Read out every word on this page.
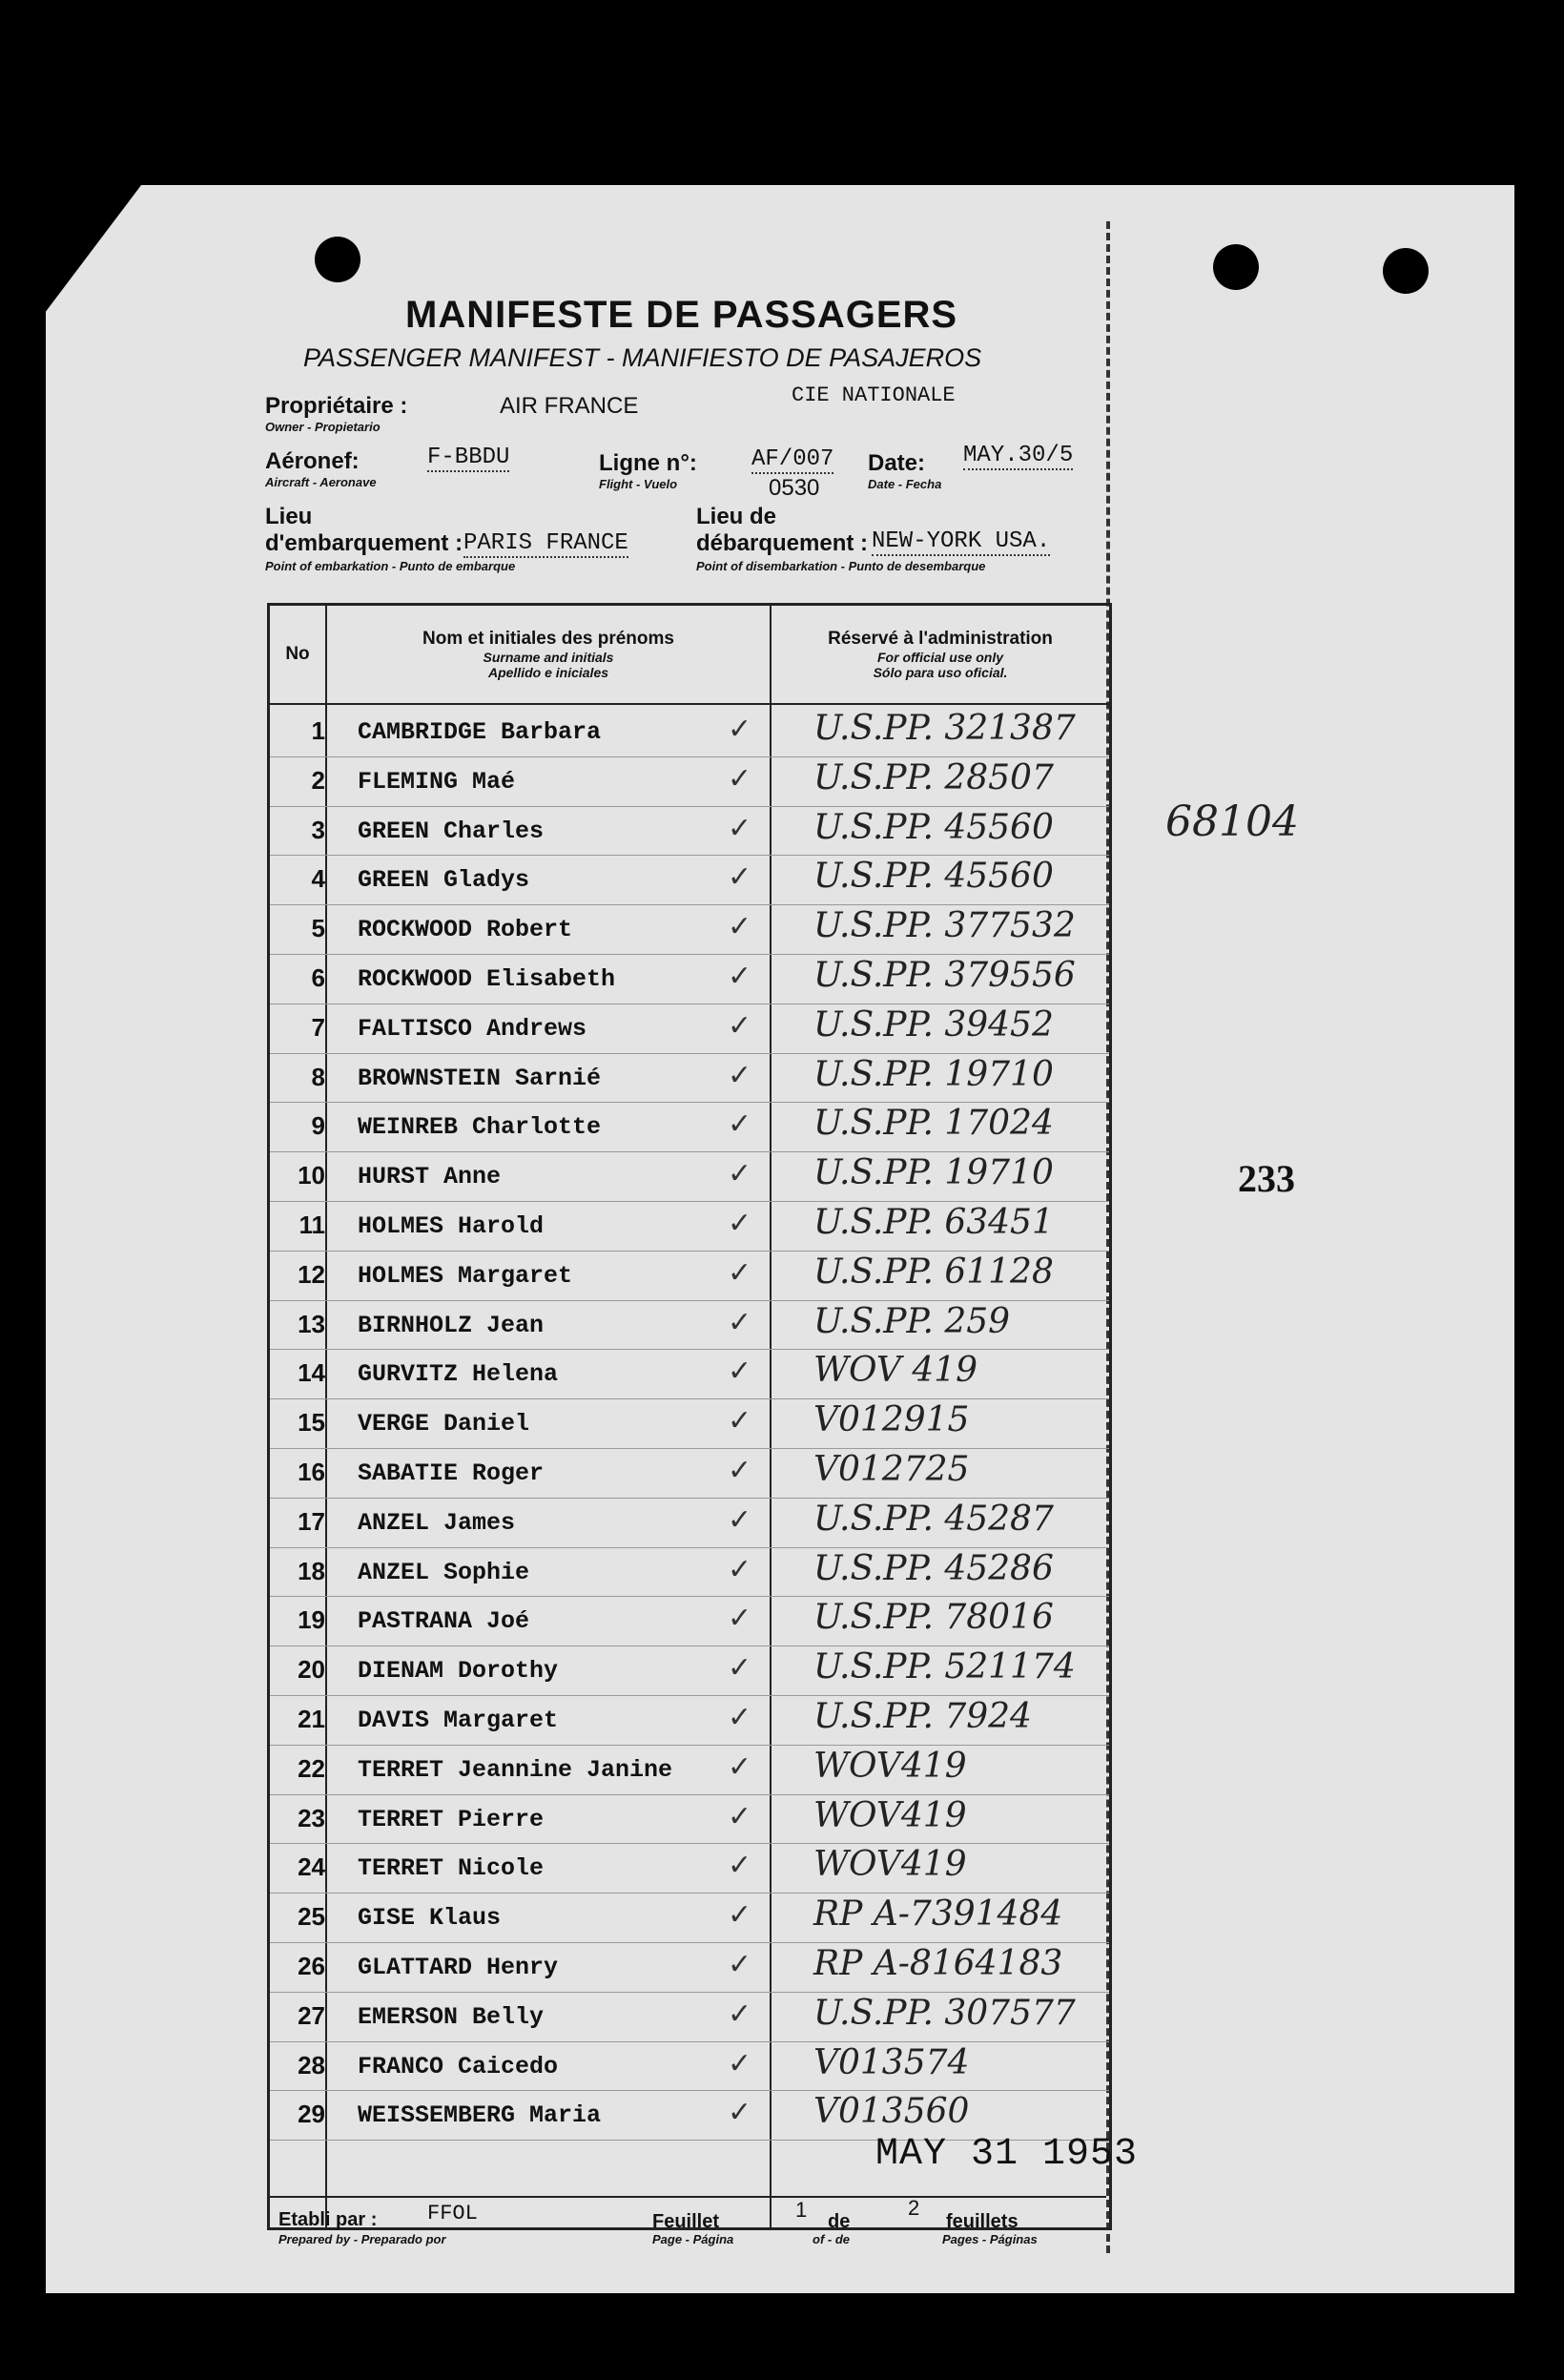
MANIFESTE DE PASSAGERS
PASSENGER MANIFEST - MANIFIESTO DE PASAJEROS
Propriétaire :
Owner - Propietario
AIR FRANCE	CIE NATIONALE
Aéronef:
Aircraft - Aeronave
F-BBDU	Ligne n°:
Flight - Vuelo
AF/007
0530
Date:
Date - Fecha
MAY.30/5
Lieu
d'embarquement :
Point of embarkation - Punto de embarque
PARIS FRANCE
Lieu de
débarquement :
Point of disembarkation - Punto de desembarque
NEW-YORK USA.
No
Nom et initiales des prénoms
Surname and initials
Apellido e iniciales
Réservé à l'administration
For official use only
Sólo para uso oficial.
1 CAMBRIDGE Barbara	✓ U.S.PP. 321387
2 FLEMING Maé	✓ U.S.PP. 28507
3 GREEN Charles	✓ U.S.PP. 45560
4 GREEN Gladys	✓ U.S.PP. 45560
5 ROCKWOOD Robert	✓ U.S.PP. 377532
6 ROCKWOOD Elisabeth	✓ U.S.PP. 379556
7 FALTISCO Andrews	✓ U.S.PP. 39452
8 BROWNSTEIN Sarnié	✓ U.S.PP. 19710
9 WEINREB Charlotte	✓ U.S.PP. 17024
10 HURST Anne	✓ U.S.PP. 19710
11 HOLMES Harold	✓ U.S.PP. 63451
12 HOLMES Margaret	✓ U.S.PP. 61128
13 BIRNHOLZ Jean	✓ U.S.PP. 259
14 GURVITZ Helena	✓ WOV 419
15 VERGE Daniel	✓ V012915
16 SABATIE Roger	✓ V012725
17 ANZEL James	✓ U.S.PP. 45287
18 ANZEL Sophie	✓ U.S.PP. 45286
19 PASTRANA Joé	✓ U.S.PP. 78016
20 DIENAM Dorothy	✓ U.S.PP. 521174
21 DAVIS Margaret	✓ U.S.PP. 7924
22 TERRET Jeannine Janine ✓ WOV419
23 TERRET Pierre	✓ WOV419
24 TERRET Nicole	✓ WOV419
25 GISE Klaus	✓ RP A-7391484
26 GLATTARD Henry	✓ RP A-8164183
27 EMERSON Belly	✓ U.S.PP. 307577
28 FRANCO Caicedo	✓ V013574
29 WEISSEMBERG Maria	✓ V013560
MAY 31 1953
68104
233
Etabli par :
Prepared by - Preparado por
FFOL	Feuillet
Page - Página
1 de
of - de
2
feuillets
Pages - Páginas
